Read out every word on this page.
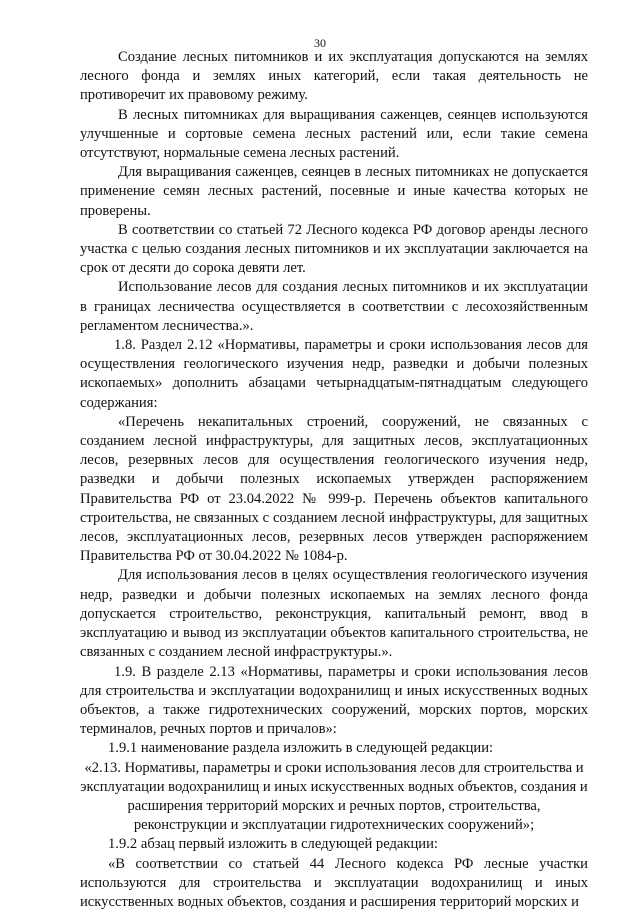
30

Создание лесных питомников и их эксплуатация допускаются на землях лесного фонда и землях иных категорий, если такая деятельность не противоречит их правовому режиму.

В лесных питомниках для выращивания саженцев, сеянцев используются улучшенные и сортовые семена лесных растений или, если такие семена отсутствуют, нормальные семена лесных растений.

Для выращивания саженцев, сеянцев в лесных питомниках не допускается применение семян лесных растений, посевные и иные качества которых не проверены.

В соответствии со статьей 72 Лесного кодекса РФ договор аренды лесного участка с целью создания лесных питомников и их эксплуатации заключается на срок от десяти до сорока девяти лет.

Использование лесов для создания лесных питомников и их эксплуатации в границах лесничества осуществляется в соответствии с лесохозяйственным регламентом лесничества.».

1.8. Раздел 2.12 «Нормативы, параметры и сроки использования лесов для осуществления геологического изучения недр, разведки и добычи полезных ископаемых» дополнить абзацами четырнадцатым-пятнадцатым следующего содержания:

«Перечень некапитальных строений, сооружений, не связанных с созданием лесной инфраструктуры, для защитных лесов, эксплуатационных лесов, резервных лесов для осуществления геологического изучения недр, разведки и добычи полезных ископаемых утвержден распоряжением Правительства РФ от 23.04.2022 № 999-р. Перечень объектов капитального строительства, не связанных с созданием лесной инфраструктуры, для защитных лесов, эксплуатационных лесов, резервных лесов утвержден распоряжением Правительства РФ от 30.04.2022 № 1084-р.

Для использования лесов в целях осуществления геологического изучения недр, разведки и добычи полезных ископаемых на землях лесного фонда допускается строительство, реконструкция, капитальный ремонт, ввод в эксплуатацию и вывод из эксплуатации объектов капитального строительства, не связанных с созданием лесной инфраструктуры.».

1.9. В разделе 2.13 «Нормативы, параметры и сроки использования лесов для строительства и эксплуатации водохранилищ и иных искусственных водных объектов, а также гидротехнических сооружений, морских портов, морских терминалов, речных портов и причалов»:

1.9.1 наименование раздела изложить в следующей редакции:

«2.13. Нормативы, параметры и сроки использования лесов для строительства и эксплуатации водохранилищ и иных искусственных водных объектов, создания и расширения территорий морских и речных портов, строительства, реконструкции и эксплуатации гидротехнических сооружений»;

1.9.2 абзац первый изложить в следующей редакции:

«В соответствии со статьей 44 Лесного кодекса РФ лесные участки используются для строительства и эксплуатации водохранилищ и иных искусственных водных объектов, создания и расширения территорий морских и
